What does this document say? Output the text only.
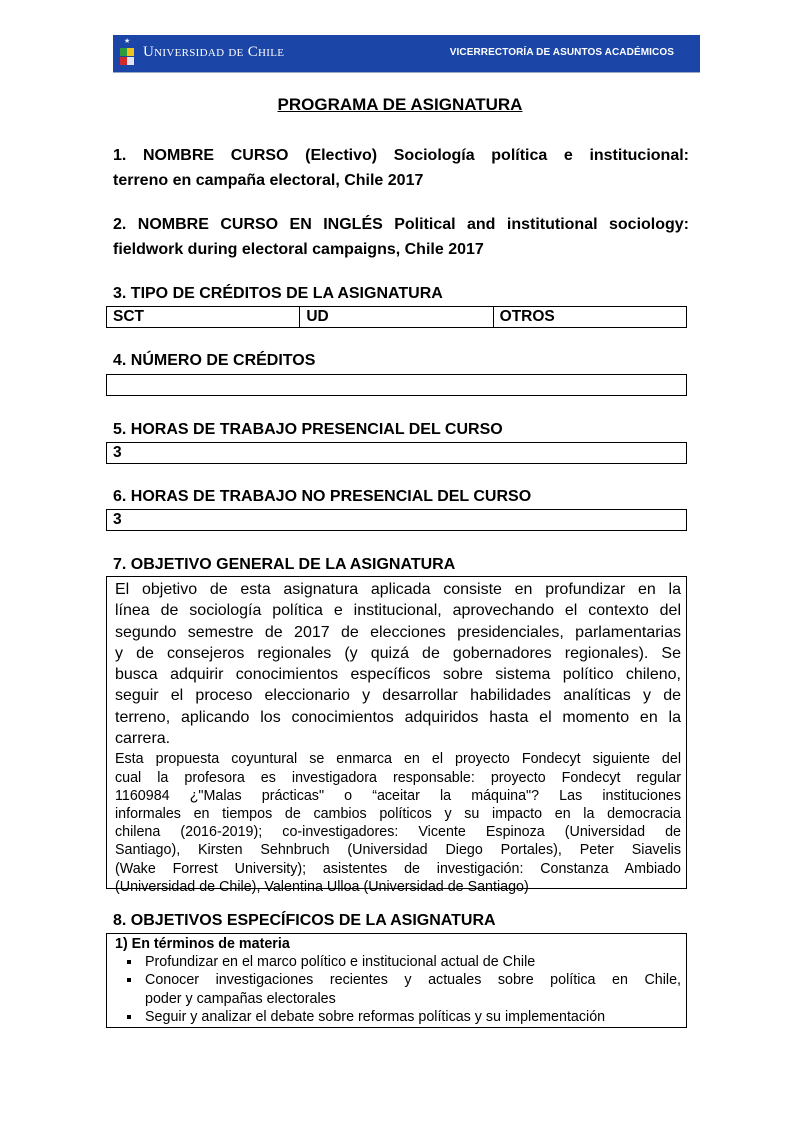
★
Universidad de Chile	VICERRECTORÍA DE ASUNTOS ACADÉMICOS
PROGRAMA DE ASIGNATURA
1. NOMBRE CURSO (Electivo) Sociología política e institucional:
terreno en campaña electoral, Chile 2017
2. NOMBRE CURSO EN INGLÉS Political and institutional sociology:
fieldwork during electoral campaigns, Chile 2017
3. TIPO DE CRÉDITOS DE LA ASIGNATURA
SCT	UD	OTROS
4. NÚMERO DE CRÉDITOS
5. HORAS DE TRABAJO PRESENCIAL DEL CURSO
3
6. HORAS DE TRABAJO NO PRESENCIAL DEL CURSO
3
7. OBJETIVO GENERAL DE LA ASIGNATURA
El objetivo de esta asignatura aplicada consiste en profundizar en la
línea de sociología política e institucional, aprovechando el contexto del
segundo semestre de 2017 de elecciones presidenciales, parlamentarias
y de consejeros regionales (y quizá de gobernadores regionales). Se
busca adquirir conocimientos específicos sobre sistema político chileno,
seguir el proceso eleccionario y desarrollar habilidades analíticas y de
terreno, aplicando los conocimientos adquiridos hasta el momento en la
carrera.
Esta propuesta coyuntural se enmarca en el proyecto Fondecyt siguiente del
cual la profesora es investigadora responsable: proyecto Fondecyt regular
1160984 ¿"Malas prácticas" o “aceitar la máquina"? Las instituciones
informales en tiempos de cambios políticos y su impacto en la democracia
chilena (2016-2019); co-investigadores: Vicente Espinoza (Universidad de
Santiago), Kirsten Sehnbruch (Universidad Diego Portales), Peter Siavelis
(Wake Forrest University); asistentes de investigación: Constanza Ambiado
(Universidad de Chile), Valentina Ulloa (Universidad de Santiago)
8. OBJETIVOS ESPECÍFICOS DE LA ASIGNATURA
1) En términos de materia
Profundizar en el marco político e institucional actual de Chile
Conocer investigaciones recientes y actuales sobre política en Chile,
poder y campañas electorales
Seguir y analizar el debate sobre reformas políticas y su implementación
